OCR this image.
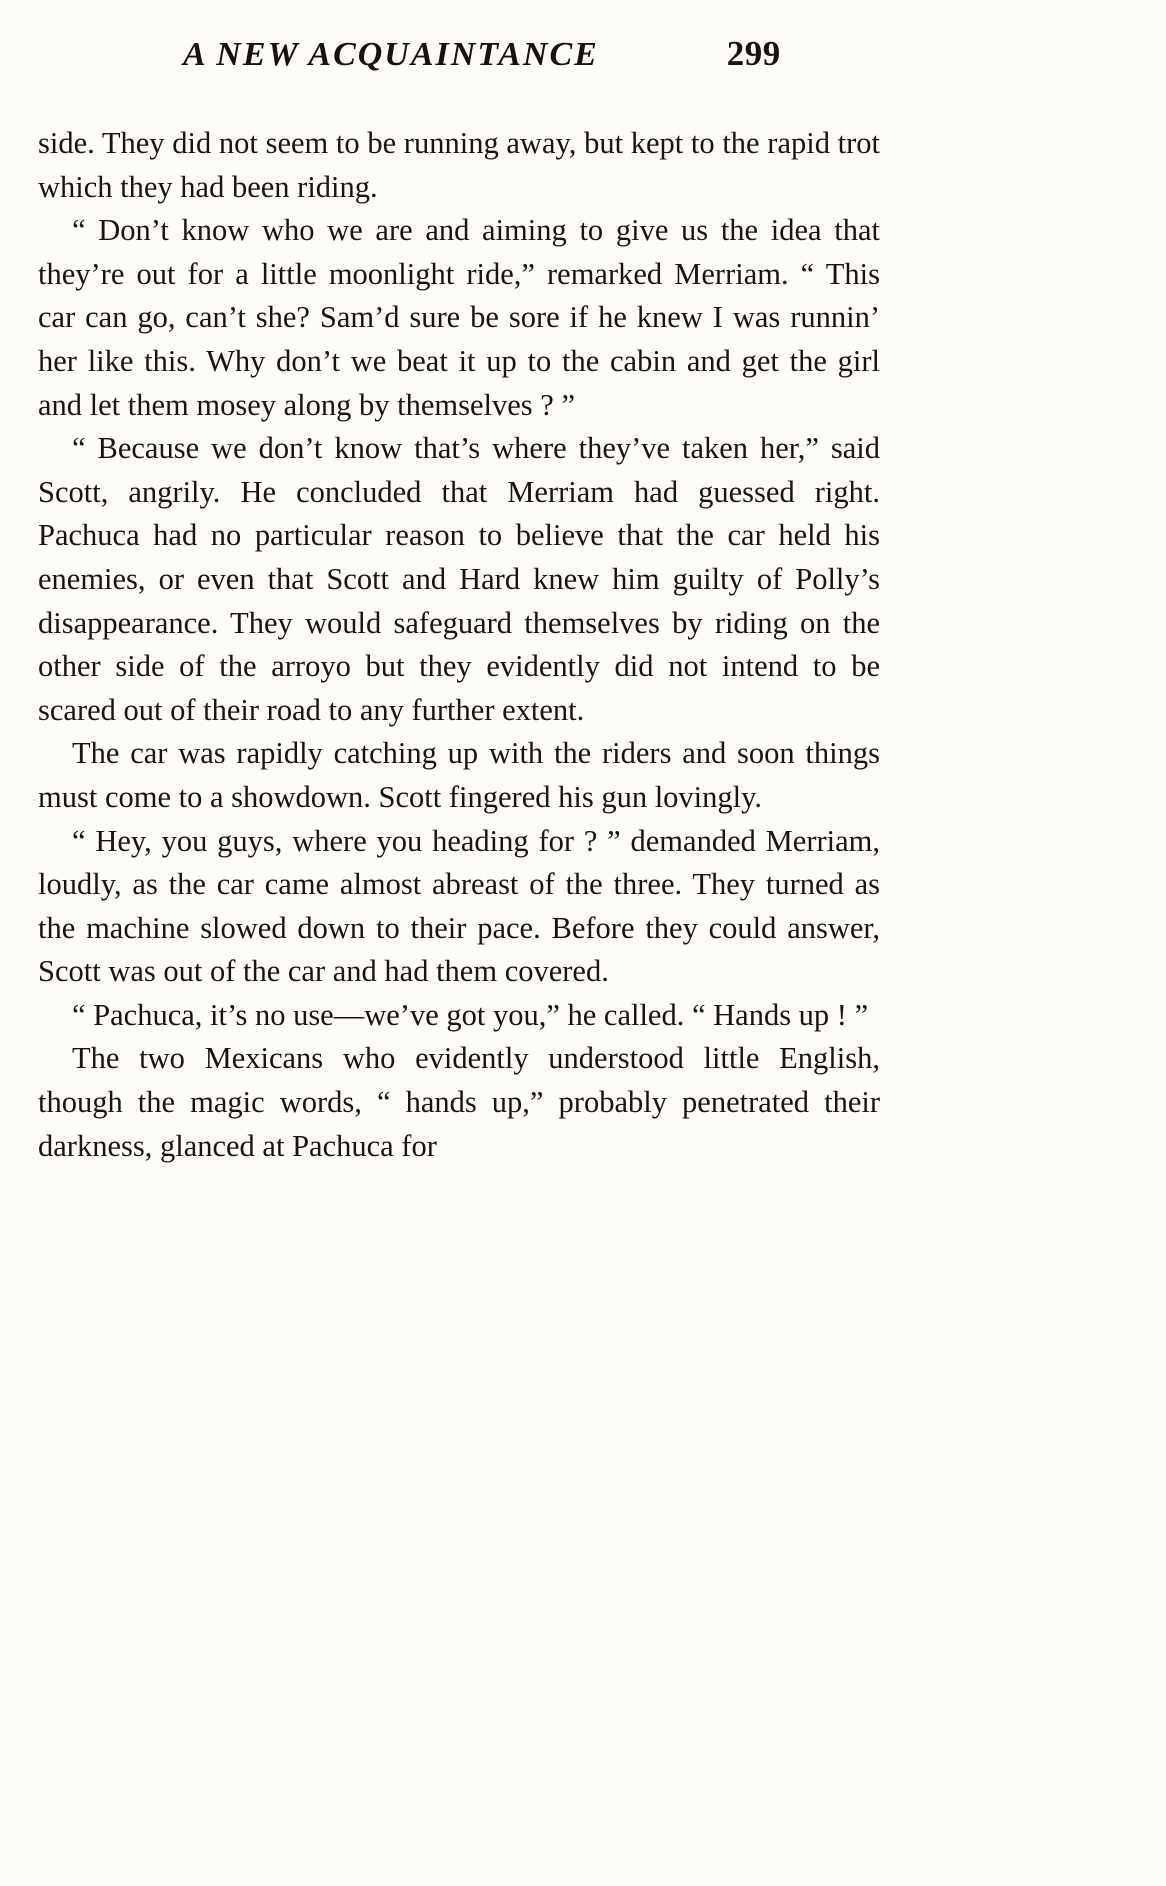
A NEW ACQUAINTANCE	299

side. They did not seem to be running away, but kept to the rapid trot which they had been riding.

“ Don’t know who we are and aiming to give us the idea that they’re out for a little moonlight ride,” remarked Merriam. “ This car can go, can’t she? Sam’d sure be sore if he knew I was runnin’ her like this. Why don’t we beat it up to the cabin and get the girl and let them mosey along by themselves ? ”

“ Because we don’t know that’s where they’ve taken her,” said Scott, angrily. He concluded that Merriam had guessed right. Pachuca had no particular reason to believe that the car held his enemies, or even that Scott and Hard knew him guilty of Polly’s disappearance. They would safeguard themselves by riding on the other side of the arroyo but they evidently did not intend to be scared out of their road to any further extent.

The car was rapidly catching up with the riders and soon things must come to a showdown. Scott fingered his gun lovingly.

“ Hey, you guys, where you heading for ? ” demanded Merriam, loudly, as the car came almost abreast of the three. They turned as the machine slowed down to their pace. Before they could answer, Scott was out of the car and had them covered.

“ Pachuca, it’s no use—we’ve got you,” he called. “ Hands up ! ”

The two Mexicans who evidently understood little English, though the magic words, “ hands up,” probably penetrated their darkness, glanced at Pachuca for
